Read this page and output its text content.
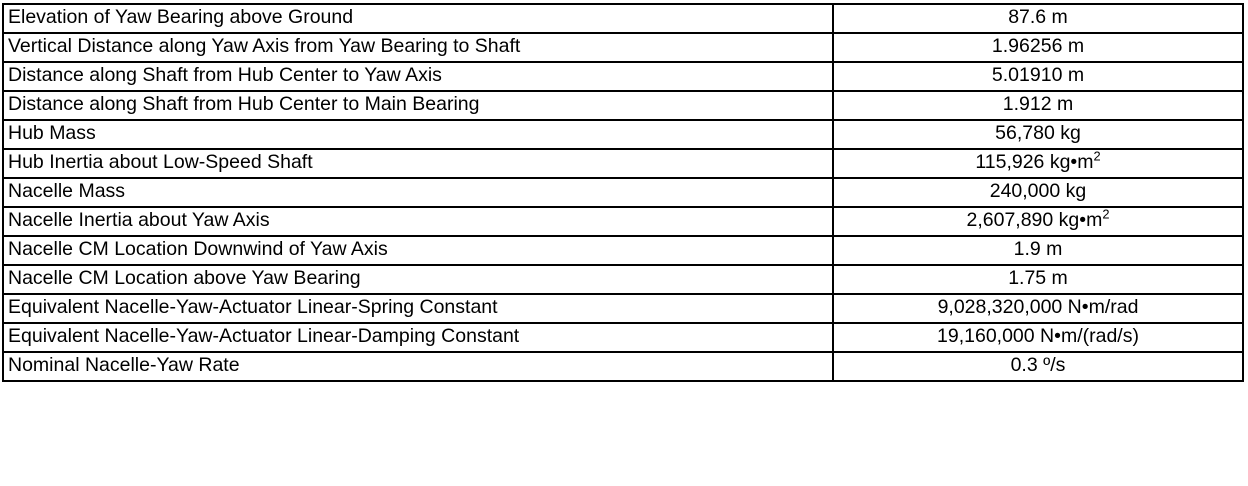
Elevation of Yaw Bearing above Ground	87.6 m
Vertical Distance along Yaw Axis from Yaw Bearing to Shaft	1.96256 m
Distance along Shaft from Hub Center to Yaw Axis	5.01910 m
Distance along Shaft from Hub Center to Main Bearing	1.912 m
Hub Mass	56,780 kg
Hub Inertia about Low-Speed Shaft	115,926 $kg•m^2$
Nacelle Mass	240,000 kg
Nacelle Inertia about Yaw Axis	2,607,890 $kg•m^2$
Nacelle CM Location Downwind of Yaw Axis	1.9 m
Nacelle CM Location above Yaw Bearing	1.75 m
Equivalent Nacelle-Yaw-Actuator Linear-Spring Constant	9,028,320,000 N•m/rad
Equivalent Nacelle-Yaw-Actuator Linear-Damping Constant	19,160,000 N•m/(rad/s)
Nominal Nacelle-Yaw Rate	0.3 º/s
